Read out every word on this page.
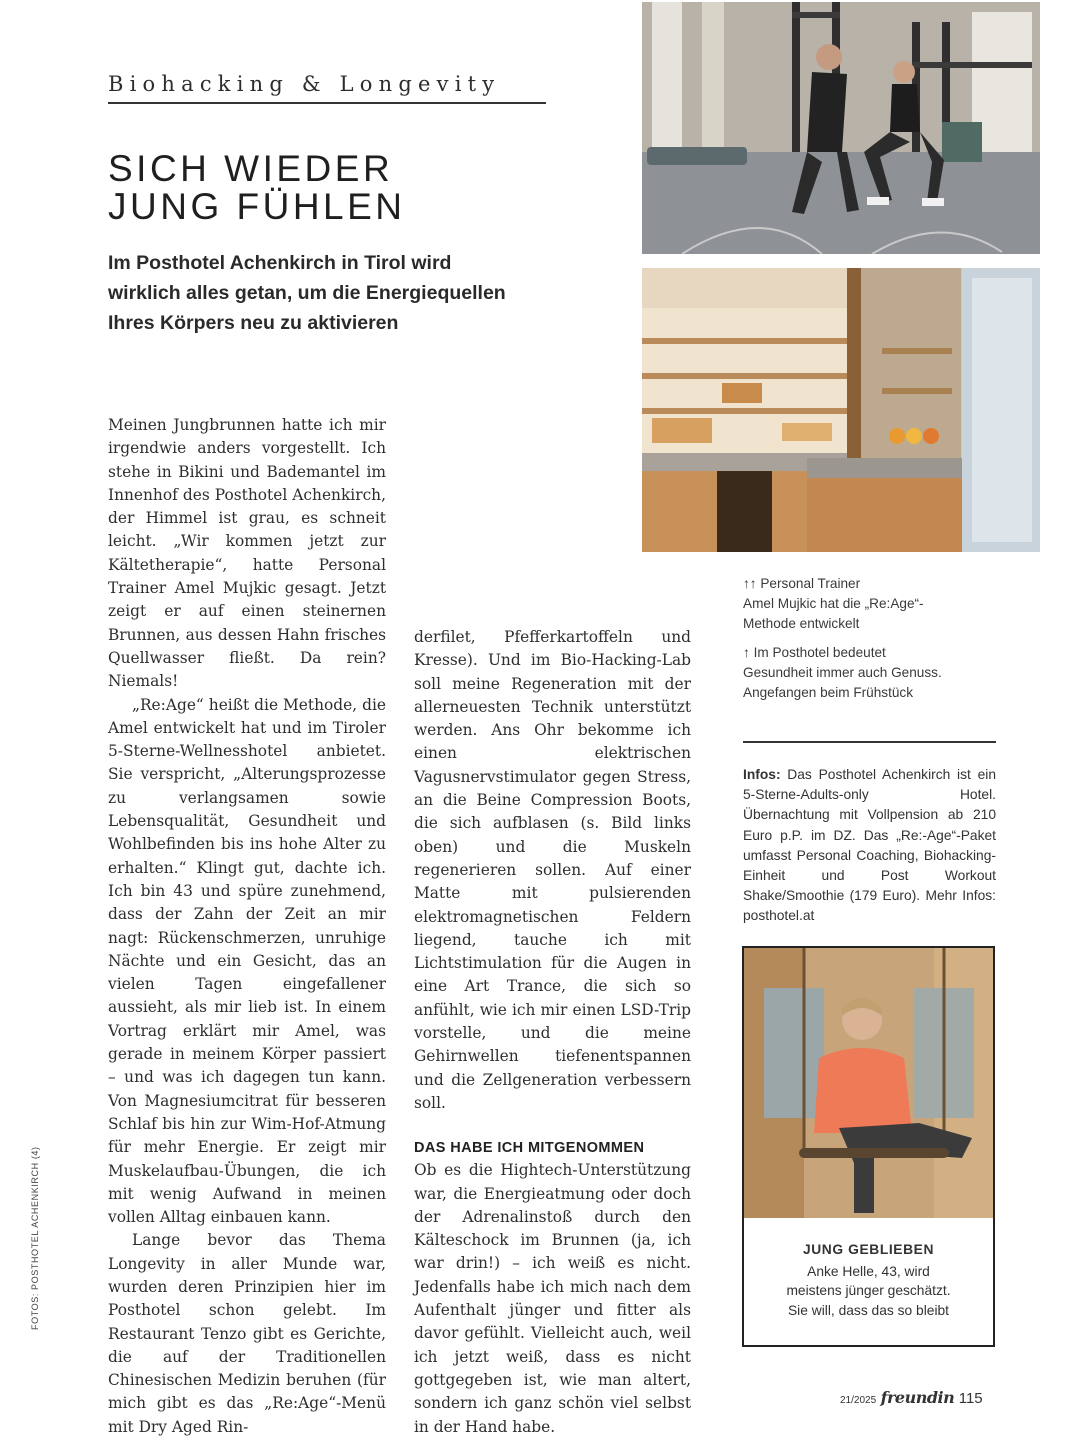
Biohacking & Longevity
SICH WIEDER
JUNG FÜHLEN
Im Posthotel Achenkirch in Tirol wird
wirklich alles getan, um die Energiequellen
Ihres Körpers neu zu aktivieren

Meinen Jungbrunnen hatte ich mir irgendwie anders vorgestellt. Ich stehe in Bikini und Bademantel im Innenhof des Posthotel Achenkirch, der Himmel ist grau, es schneit leicht. „Wir kommen jetzt zur Kältetherapie“, hatte Personal Trainer Amel Mujkic gesagt. Jetzt zeigt er auf einen steinernen Brunnen, aus dessen Hahn frisches Quellwasser fließt. Da rein? Niemals!

„Re:Age“ heißt die Methode, die Amel entwickelt hat und im Tiroler 5-Sterne-Wellnesshotel anbietet. Sie verspricht, „Alterungsprozesse zu verlangsamen sowie Lebensqualität, Gesundheit und Wohlbefinden bis ins hohe Alter zu erhalten.“ Klingt gut, dachte ich. Ich bin 43 und spüre zunehmend, dass der Zahn der Zeit an mir nagt: Rückenschmerzen, unruhige Nächte und ein Gesicht, das an vielen Tagen eingefallener aussieht, als mir lieb ist. In einem Vortrag erklärt mir Amel, was gerade in meinem Körper passiert – und was ich dagegen tun kann. Von Magnesiumcitrat für besseren Schlaf bis hin zur Wim-Hof-Atmung für mehr Energie. Er zeigt mir Muskelaufbau-Übungen, die ich mit wenig Aufwand in meinen vollen Alltag einbauen kann.

Lange bevor das Thema Longevity in aller Munde war, wurden deren Prinzipien hier im Posthotel schon gelebt. Im Restaurant Tenzo gibt es Gerichte, die auf der Traditionellen Chinesischen Medizin beruhen (für mich gibt es das „Re:Age“-Menü mit Dry Aged Rin-

derfilet, Pfefferkartoffeln und Kresse). Und im Bio-Hacking-Lab soll meine Regeneration mit der allerneuesten Technik unterstützt werden. Ans Ohr bekomme ich einen elektrischen Vagusnervstimulator gegen Stress, an die Beine Compression Boots, die sich aufblasen (s. Bild links oben) und die Muskeln regenerieren sollen. Auf einer Matte mit pulsierenden elektromagnetischen Feldern liegend, tauche ich mit Lichtstimulation für die Augen in eine Art Trance, die sich so anfühlt, wie ich mir einen LSD-Trip vorstelle, und die meine Gehirnwellen tiefenentspannen und die Zellgeneration verbessern soll.

DAS HABE ICH MITGENOMMEN

Ob es die Hightech-Unterstützung war, die Energieatmung oder doch der Adrenalinstoß durch den Kälteschock im Brunnen (ja, ich war drin!) – ich weiß es nicht. Jedenfalls habe ich mich nach dem Aufenthalt jünger und fitter als davor gefühlt. Vielleicht auch, weil ich jetzt weiß, dass es nicht gottgegeben ist, wie man altert, sondern ich ganz schön viel selbst in der Hand habe.

↑↑ Personal Trainer
Amel Mujkic hat die „Re:Age“-
Methode entwickelt
↑ Im Posthotel bedeutet
Gesundheit immer auch Genuss.
Angefangen beim Frühstück
Infos: Das Posthotel Achenkirch ist ein 5-Sterne-Adults-only Hotel. Übernachtung mit Vollpension ab 210 Euro p.P. im DZ. Das „Re:-Age“-Paket umfasst Personal Coaching, Biohacking-Einheit und Post Workout Shake/Smoothie (179 Euro). Mehr Infos: posthotel.at
JUNG GEBLIEBEN
Anke Helle, 43, wird
meistens jünger geschätzt.
Sie will, dass das so bleibt
FOTOS: POSTHOTEL ACHENKIRCH (4)
21/2025 freundin 115
